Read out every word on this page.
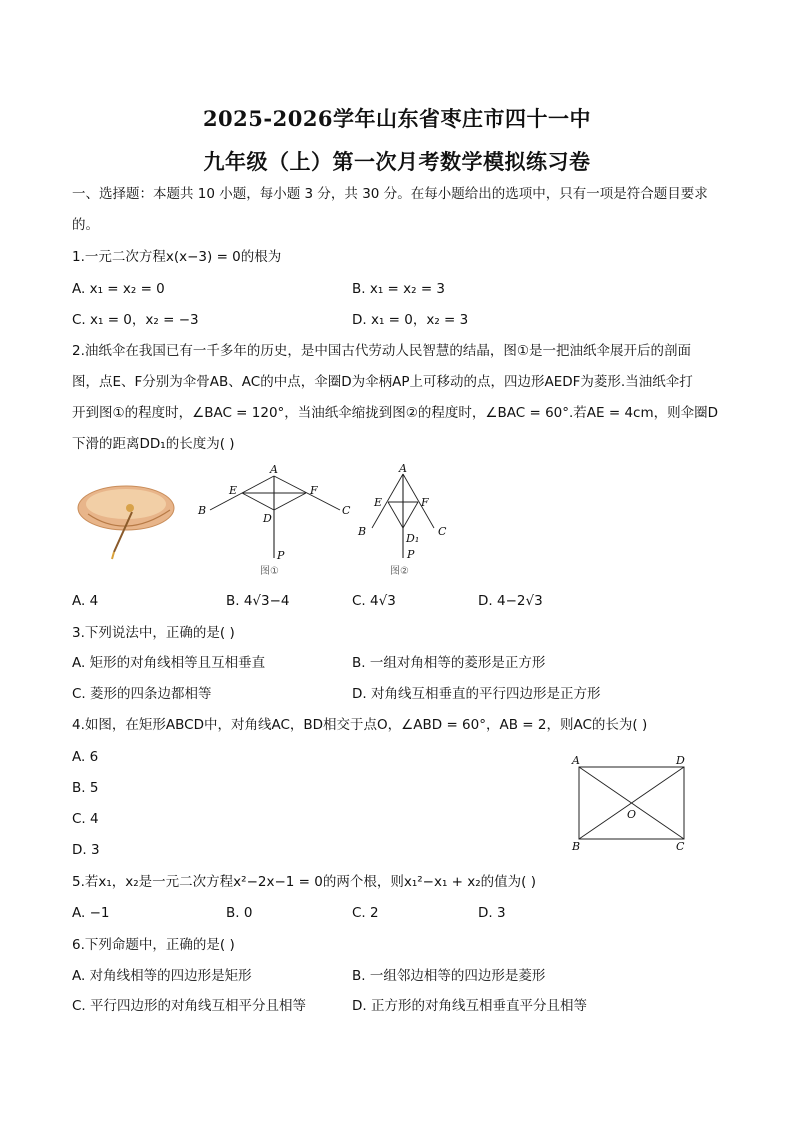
2025-2026学年山东省枣庄市四十一中
九年级（上）第一次月考数学模拟练习卷
一、选择题：本题共 10 小题，每小题 3 分，共 30 分。在每小题给出的选项中，只有一项是符合题目要求
的。
1.一元二次方程x(x−3) = 0的根为
A. x₁ = x₂ = 0	B. x₁ = x₂ = 3
C. x₁ = 0，x₂ = −3	D. x₁ = 0，x₂ = 3
2.油纸伞在我国已有一千多年的历史，是中国古代劳动人民智慧的结晶，图①是一把油纸伞展开后的剖面
图，点E、F分别为伞骨AB、AC的中点，伞圈D为伞柄AP上可移动的点，四边形AEDF为菱形.当油纸伞打
开到图①的程度时，∠BAC = 120°，当油纸伞缩拢到图②的程度时，∠BAC = 60°.若AE = 4cm，则伞圈D
下滑的距离DD₁的长度为( )
A
E	F
B	C
D
P
图①
A
E	F
B	C
D₁
P
图②
A. 4	B. 4√3−4	C. 4√3	D. 4−2√3
3.下列说法中，正确的是( )
A. 矩形的对角线相等且互相垂直	B. 一组对角相等的菱形是正方形
C. 菱形的四条边都相等	D. 对角线互相垂直的平行四边形是正方形
4.如图，在矩形ABCD中，对角线AC，BD相交于点O，∠ABD = 60°，AB = 2，则AC的长为( )
A. 6
B. 5
C. 4
D. 3
A	D
B	C
O
5.若x₁，x₂是一元二次方程x²−2x−1 = 0的两个根，则x₁²−x₁ + x₂的值为( )
A. −1	B. 0	C. 2	D. 3
6.下列命题中，正确的是( )
A. 对角线相等的四边形是矩形	B. 一组邻边相等的四边形是菱形
C. 平行四边形的对角线互相平分且相等	D. 正方形的对角线互相垂直平分且相等
